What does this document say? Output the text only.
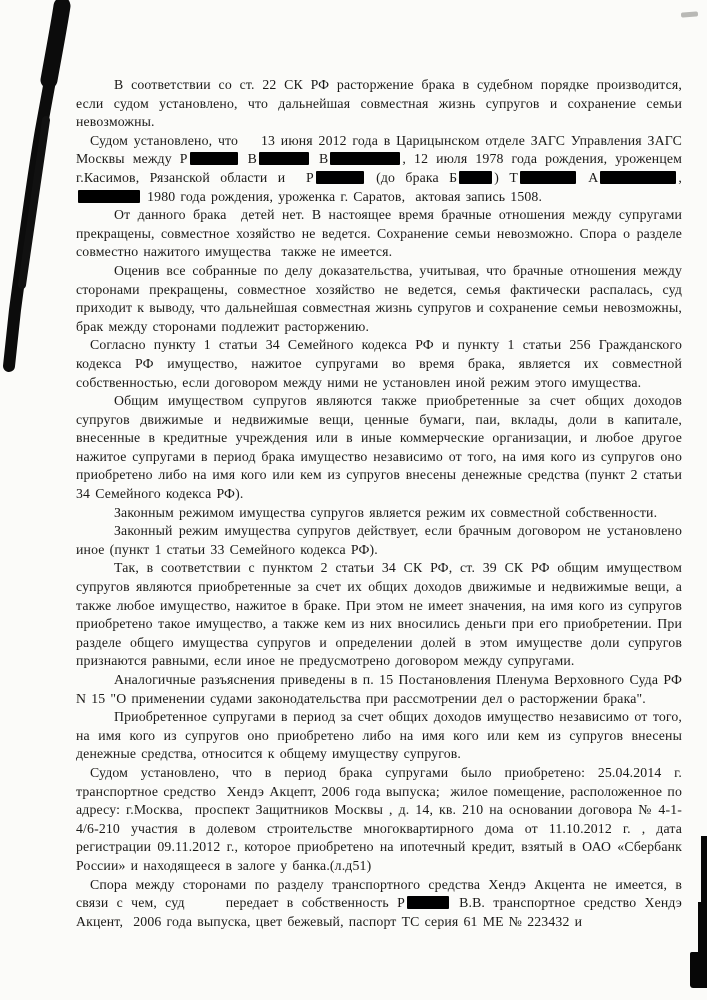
В соответствии со ст. 22 СК РФ расторжение брака в судебном порядке производится, если судом установлено, что дальнейшая совместная жизнь супругов и сохранение семьи невозможны.

Судом установлено, что    13 июня 2012 года в Царицынском отделе ЗАГС Управления ЗАГС Москвы между Р	В	В	, 12 июля 1978 года рождения, уроженцем г.Касимов, Рязанской области и  Р	(до брака Б	) Т	А	,  1980 года рождения, уроженка г. Саратов,  актовая запись 1508.

От данного брака  детей нет. В настоящее время брачные отношения между супругами прекращены, совместное хозяйство не ведется. Сохранение семьи невозможно. Спора о разделе совместно нажитого имущества  также не имеется.

Оценив все собранные по делу доказательства, учитывая, что брачные отношения между сторонами прекращены, совместное хозяйство не ведется, семья фактически распалась, суд приходит к выводу, что дальнейшая совместная жизнь супругов и сохранение семьи невозможны, брак между сторонами подлежит расторжению.

Согласно пункту 1 статьи 34 Семейного кодекса РФ и пункту 1 статьи 256 Гражданского кодекса РФ имущество, нажитое супругами во время брака, является их совместной собственностью, если договором между ними не установлен иной режим этого имущества.

Общим имуществом супругов являются также приобретенные за счет общих доходов супругов движимые и недвижимые вещи, ценные бумаги, паи, вклады, доли в капитале, внесенные в кредитные учреждения или в иные коммерческие организации, и любое другое нажитое супругами в период брака имущество независимо от того, на имя кого из супругов оно приобретено либо на имя кого или кем из супругов внесены денежные средства (пункт 2 статьи 34 Семейного кодекса РФ).

Законным режимом имущества супругов является режим их совместной собственности.

Законный режим имущества супругов действует, если брачным договором не установлено иное (пункт 1 статьи 33 Семейного кодекса РФ).

Так, в соответствии с пунктом 2 статьи 34 СК РФ, ст. 39 СК РФ общим имуществом супругов являются приобретенные за счет их общих доходов движимые и недвижимые вещи, а также любое имущество, нажитое в браке. При этом не имеет значения, на имя кого из супругов приобретено такое имущество, а также кем из них вносились деньги при его приобретении. При разделе общего имущества супругов и определении долей в этом имуществе доли супругов признаются равными, если иное не предусмотрено договором между супругами.

Аналогичные разъяснения приведены в п. 15 Постановления Пленума Верховного Суда РФ N 15 "О применении судами законодательства при рассмотрении дел о расторжении брака".

Приобретенное супругами в период за счет общих доходов имущество независимо от того, на имя кого из супругов оно приобретено либо на имя кого или кем из супругов внесены денежные средства, относится к общему имуществу супругов.

Судом установлено, что в период брака супругами было приобретено: 25.04.2014 г. транспортное средство  Хендэ Акцепт, 2006 года выпуска;  жилое помещение, расположенное по адресу: г.Москва,  проспект Защитников Москвы , д. 14, кв. 210 на основании договора № 4-1-4/6-210 участия в долевом строительстве многоквартирного дома от 11.10.2012 г. , дата регистрации 09.11.2012 г., которое приобретено на ипотечный кредит, взятый в ОАО «Сбербанк России» и находящееся в залоге у банка.(л.д51)

Спора между сторонами по разделу транспортного средства Хендэ Акцента не имеется, в связи с чем, суд     передает в собственность Р	В.В. транспортное средство Хендэ Акцент,  2006 года выпуска, цвет бежевый, паспорт ТС серия 61 МЕ № 223432 и
